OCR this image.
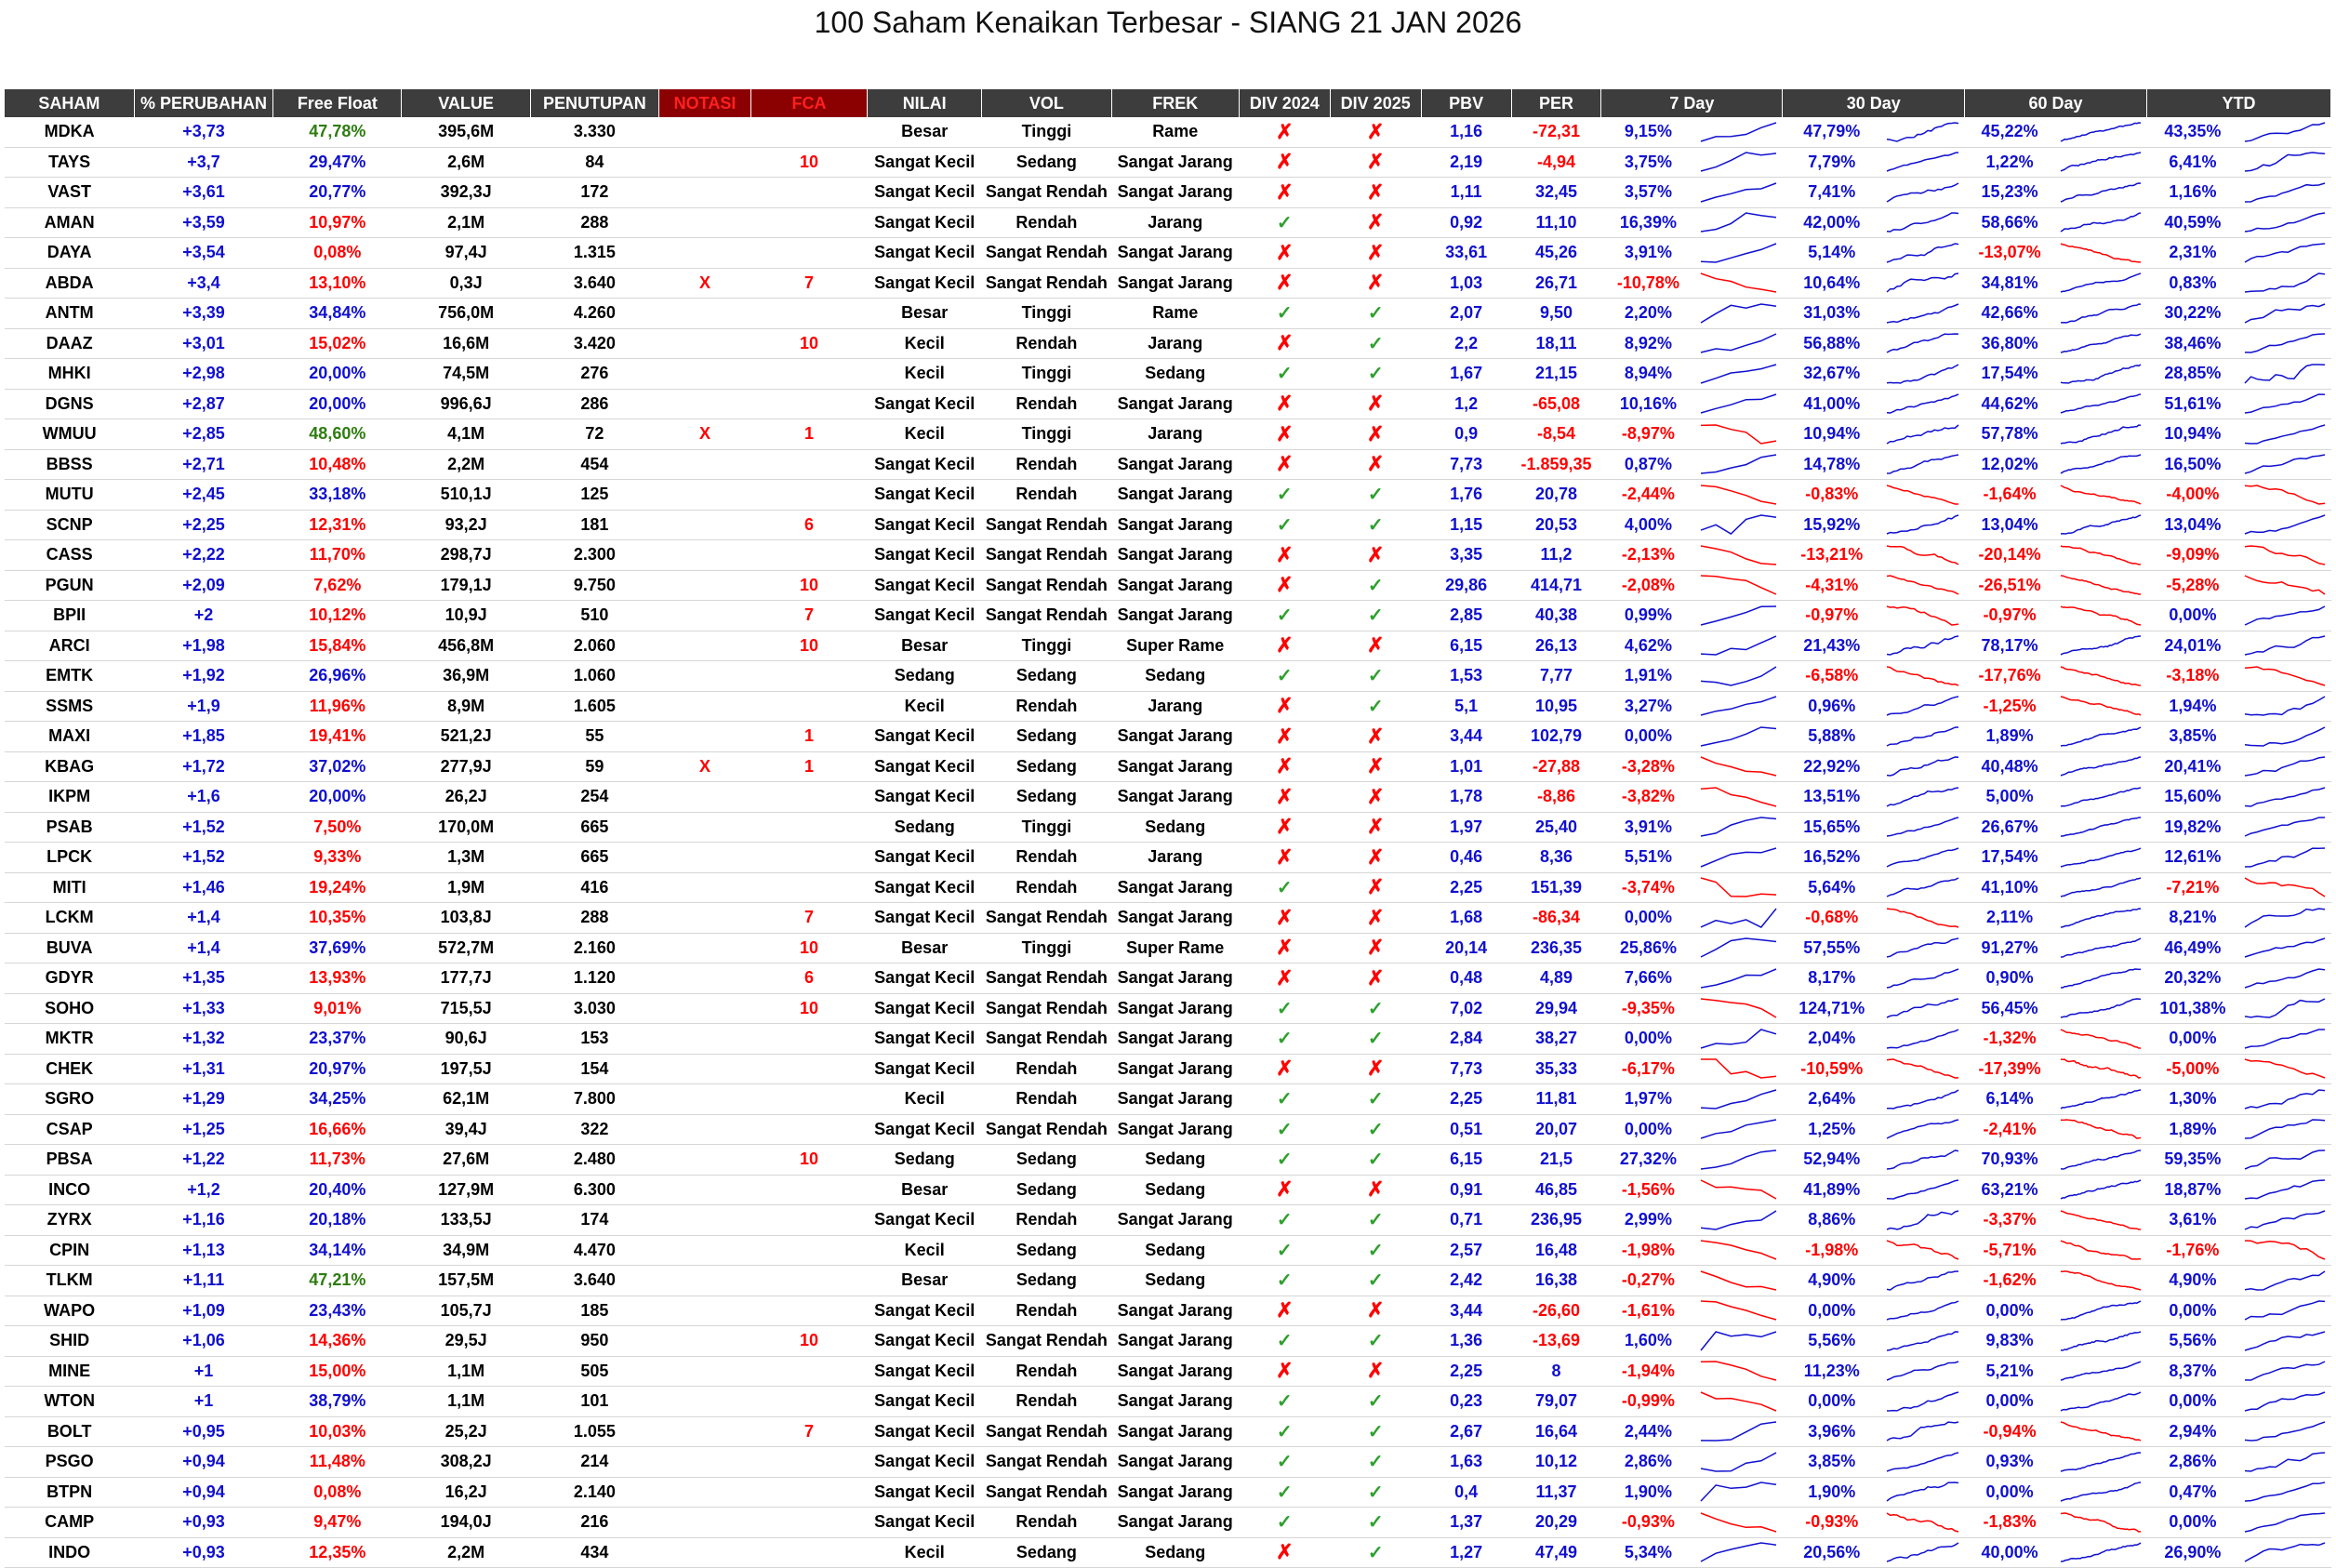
100 Saham Kenaikan Terbesar - SIANG 21 JAN 2026
SAHAM	% PERUBAHAN	Free Float	VALUE	PENUTUPAN	NOTASI	FCA	NILAI	VOL	FREK	DIV 2024	DIV 2025	PBV	PER	7 Day		30 Day		60 Day		YTD	
MDKA	+3,73	47,78%	395,6M	3.330			Besar	Tinggi	Rame	✗	✗	1,16	-72,31	9,15%		47,79%		45,22%		43,35%	

TAYS	+3,7	29,47%	2,6M	84		10	Sangat Kecil	Sedang	Sangat Jarang	✗	✗	2,19	-4,94	3,75%		7,79%		1,22%		6,41%	

VAST	+3,61	20,77%	392,3J	172			Sangat Kecil	Sangat Rendah	Sangat Jarang	✗	✗	1,11	32,45	3,57%		7,41%		15,23%		1,16%	

AMAN	+3,59	10,97%	2,1M	288			Sangat Kecil	Rendah	Jarang	✓	✗	0,92	11,10	16,39%		42,00%		58,66%		40,59%	

DAYA	+3,54	0,08%	97,4J	1.315			Sangat Kecil	Sangat Rendah	Sangat Jarang	✗	✗	33,61	45,26	3,91%		5,14%		-13,07%		2,31%	

ABDA	+3,4	13,10%	0,3J	3.640	X	7	Sangat Kecil	Sangat Rendah	Sangat Jarang	✗	✗	1,03	26,71	-10,78%		10,64%		34,81%		0,83%	

ANTM	+3,39	34,84%	756,0M	4.260			Besar	Tinggi	Rame	✓	✓	2,07	9,50	2,20%		31,03%		42,66%		30,22%	

DAAZ	+3,01	15,02%	16,6M	3.420		10	Kecil	Rendah	Jarang	✗	✓	2,2	18,11	8,92%		56,88%		36,80%		38,46%	

MHKI	+2,98	20,00%	74,5M	276			Kecil	Tinggi	Sedang	✓	✓	1,67	21,15	8,94%		32,67%		17,54%		28,85%	

DGNS	+2,87	20,00%	996,6J	286			Sangat Kecil	Rendah	Sangat Jarang	✗	✗	1,2	-65,08	10,16%		41,00%		44,62%		51,61%	

WMUU	+2,85	48,60%	4,1M	72	X	1	Kecil	Tinggi	Jarang	✗	✗	0,9	-8,54	-8,97%		10,94%		57,78%		10,94%	

BBSS	+2,71	10,48%	2,2M	454			Sangat Kecil	Rendah	Sangat Jarang	✗	✗	7,73	-1.859,35	0,87%		14,78%		12,02%		16,50%	

MUTU	+2,45	33,18%	510,1J	125			Sangat Kecil	Rendah	Sangat Jarang	✓	✓	1,76	20,78	-2,44%		-0,83%		-1,64%		-4,00%	

SCNP	+2,25	12,31%	93,2J	181		6	Sangat Kecil	Sangat Rendah	Sangat Jarang	✓	✓	1,15	20,53	4,00%		15,92%		13,04%		13,04%	

CASS	+2,22	11,70%	298,7J	2.300			Sangat Kecil	Sangat Rendah	Sangat Jarang	✗	✗	3,35	11,2	-2,13%		-13,21%		-20,14%		-9,09%	

PGUN	+2,09	7,62%	179,1J	9.750		10	Sangat Kecil	Sangat Rendah	Sangat Jarang	✗	✓	29,86	414,71	-2,08%		-4,31%		-26,51%		-5,28%	

BPII	+2	10,12%	10,9J	510		7	Sangat Kecil	Sangat Rendah	Sangat Jarang	✓	✓	2,85	40,38	0,99%		-0,97%		-0,97%		0,00%	

ARCI	+1,98	15,84%	456,8M	2.060		10	Besar	Tinggi	Super Rame	✗	✗	6,15	26,13	4,62%		21,43%		78,17%		24,01%	

EMTK	+1,92	26,96%	36,9M	1.060			Sedang	Sedang	Sedang	✓	✓	1,53	7,77	1,91%		-6,58%		-17,76%		-3,18%	

SSMS	+1,9	11,96%	8,9M	1.605			Kecil	Rendah	Jarang	✗	✓	5,1	10,95	3,27%		0,96%		-1,25%		1,94%	

MAXI	+1,85	19,41%	521,2J	55		1	Sangat Kecil	Sedang	Sangat Jarang	✗	✗	3,44	102,79	0,00%		5,88%		1,89%		3,85%	

KBAG	+1,72	37,02%	277,9J	59	X	1	Sangat Kecil	Sedang	Sangat Jarang	✗	✗	1,01	-27,88	-3,28%		22,92%		40,48%		20,41%	

IKPM	+1,6	20,00%	26,2J	254			Sangat Kecil	Sedang	Sangat Jarang	✗	✗	1,78	-8,86	-3,82%		13,51%		5,00%		15,60%	

PSAB	+1,52	7,50%	170,0M	665			Sedang	Tinggi	Sedang	✗	✗	1,97	25,40	3,91%		15,65%		26,67%		19,82%	

LPCK	+1,52	9,33%	1,3M	665			Sangat Kecil	Rendah	Jarang	✗	✗	0,46	8,36	5,51%		16,52%		17,54%		12,61%	

MITI	+1,46	19,24%	1,9M	416			Sangat Kecil	Rendah	Sangat Jarang	✓	✗	2,25	151,39	-3,74%		5,64%		41,10%		-7,21%	

LCKM	+1,4	10,35%	103,8J	288		7	Sangat Kecil	Sangat Rendah	Sangat Jarang	✗	✗	1,68	-86,34	0,00%		-0,68%		2,11%		8,21%	

BUVA	+1,4	37,69%	572,7M	2.160		10	Besar	Tinggi	Super Rame	✗	✗	20,14	236,35	25,86%		57,55%		91,27%		46,49%	

GDYR	+1,35	13,93%	177,7J	1.120		6	Sangat Kecil	Sangat Rendah	Sangat Jarang	✗	✗	0,48	4,89	7,66%		8,17%		0,90%		20,32%	

SOHO	+1,33	9,01%	715,5J	3.030		10	Sangat Kecil	Sangat Rendah	Sangat Jarang	✓	✓	7,02	29,94	-9,35%		124,71%		56,45%		101,38%	

MKTR	+1,32	23,37%	90,6J	153			Sangat Kecil	Sangat Rendah	Sangat Jarang	✓	✓	2,84	38,27	0,00%		2,04%		-1,32%		0,00%	

CHEK	+1,31	20,97%	197,5J	154			Sangat Kecil	Rendah	Sangat Jarang	✗	✗	7,73	35,33	-6,17%		-10,59%		-17,39%		-5,00%	

SGRO	+1,29	34,25%	62,1M	7.800			Kecil	Rendah	Sangat Jarang	✓	✓	2,25	11,81	1,97%		2,64%		6,14%		1,30%	

CSAP	+1,25	16,66%	39,4J	322			Sangat Kecil	Sangat Rendah	Sangat Jarang	✓	✓	0,51	20,07	0,00%		1,25%		-2,41%		1,89%	

PBSA	+1,22	11,73%	27,6M	2.480		10	Sedang	Sedang	Sedang	✓	✓	6,15	21,5	27,32%		52,94%		70,93%		59,35%	

INCO	+1,2	20,40%	127,9M	6.300			Besar	Sedang	Sedang	✗	✗	0,91	46,85	-1,56%		41,89%		63,21%		18,87%	

ZYRX	+1,16	20,18%	133,5J	174			Sangat Kecil	Rendah	Sangat Jarang	✓	✓	0,71	236,95	2,99%		8,86%		-3,37%		3,61%	

CPIN	+1,13	34,14%	34,9M	4.470			Kecil	Sedang	Sedang	✓	✓	2,57	16,48	-1,98%		-1,98%		-5,71%		-1,76%	

TLKM	+1,11	47,21%	157,5M	3.640			Besar	Sedang	Sedang	✓	✓	2,42	16,38	-0,27%		4,90%		-1,62%		4,90%	

WAPO	+1,09	23,43%	105,7J	185			Sangat Kecil	Rendah	Sangat Jarang	✗	✗	3,44	-26,60	-1,61%		0,00%		0,00%		0,00%	

SHID	+1,06	14,36%	29,5J	950		10	Sangat Kecil	Sangat Rendah	Sangat Jarang	✓	✓	1,36	-13,69	1,60%		5,56%		9,83%		5,56%	

MINE	+1	15,00%	1,1M	505			Sangat Kecil	Rendah	Sangat Jarang	✗	✗	2,25	8	-1,94%		11,23%		5,21%		8,37%	

WTON	+1	38,79%	1,1M	101			Sangat Kecil	Rendah	Sangat Jarang	✓	✓	0,23	79,07	-0,99%		0,00%		0,00%		0,00%	

BOLT	+0,95	10,03%	25,2J	1.055		7	Sangat Kecil	Sangat Rendah	Sangat Jarang	✓	✓	2,67	16,64	2,44%		3,96%		-0,94%		2,94%	

PSGO	+0,94	11,48%	308,2J	214			Sangat Kecil	Sangat Rendah	Sangat Jarang	✓	✓	1,63	10,12	2,86%		3,85%		0,93%		2,86%	

BTPN	+0,94	0,08%	16,2J	2.140			Sangat Kecil	Sangat Rendah	Sangat Jarang	✓	✓	0,4	11,37	1,90%		1,90%		0,00%		0,47%	

CAMP	+0,93	9,47%	194,0J	216			Sangat Kecil	Rendah	Sangat Jarang	✓	✓	1,37	20,29	-0,93%		-0,93%		-1,83%		0,00%	

INDO	+0,93	12,35%	2,2M	434			Kecil	Sedang	Sedang	✗	✓	1,27	47,49	5,34%		20,56%		40,00%		26,90%	
